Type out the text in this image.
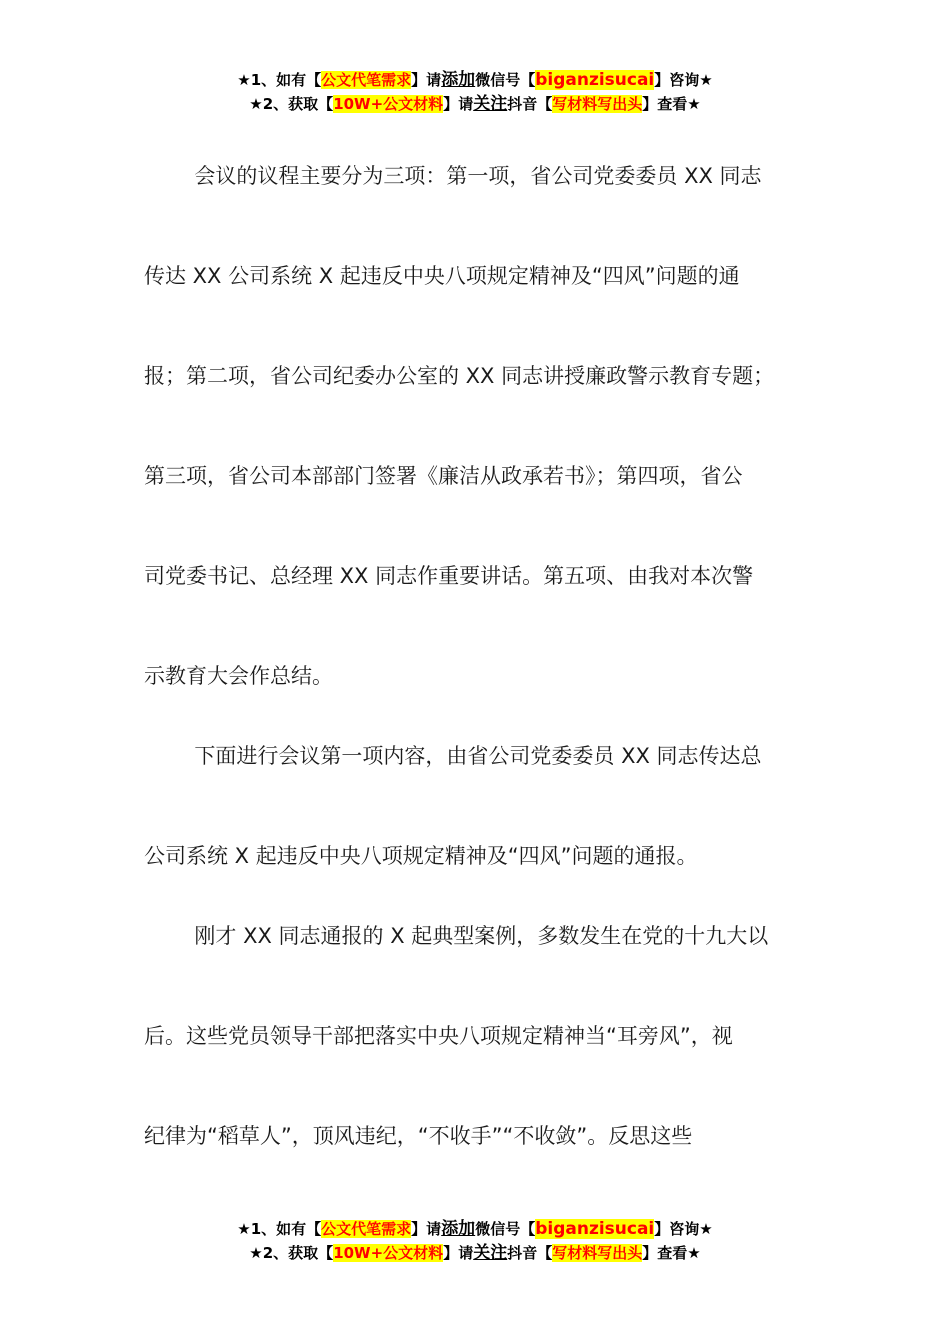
★1、如有【公文代笔需求】请添加微信号【biganzisucai】咨询★
★2、获取【10W+公文材料】请关注抖音【写材料写出头】查看★

会议的议程主要分为三项：第一项，省公司党委委员 XX 同志
传达 XX 公司系统 X 起违反中央八项规定精神及“四风”问题的通
报；第二项，省公司纪委办公室的 XX 同志讲授廉政警示教育专题；
第三项，省公司本部部门签署《廉洁从政承若书》；第四项，省公
司党委书记、总经理 XX 同志作重要讲话。第五项、由我对本次警
示教育大会作总结。

下面进行会议第一项内容，由省公司党委委员 XX 同志传达总
公司系统 X 起违反中央八项规定精神及“四风”问题的通报。

刚才 XX 同志通报的 X 起典型案例，多数发生在党的十九大以
后。这些党员领导干部把落实中央八项规定精神当“耳旁风”，视
纪律为“稻草人”，顶风违纪，“不收手”“不收敛”。反思这些

★1、如有【公文代笔需求】请添加微信号【biganzisucai】咨询★
★2、获取【10W+公文材料】请关注抖音【写材料写出头】查看★
